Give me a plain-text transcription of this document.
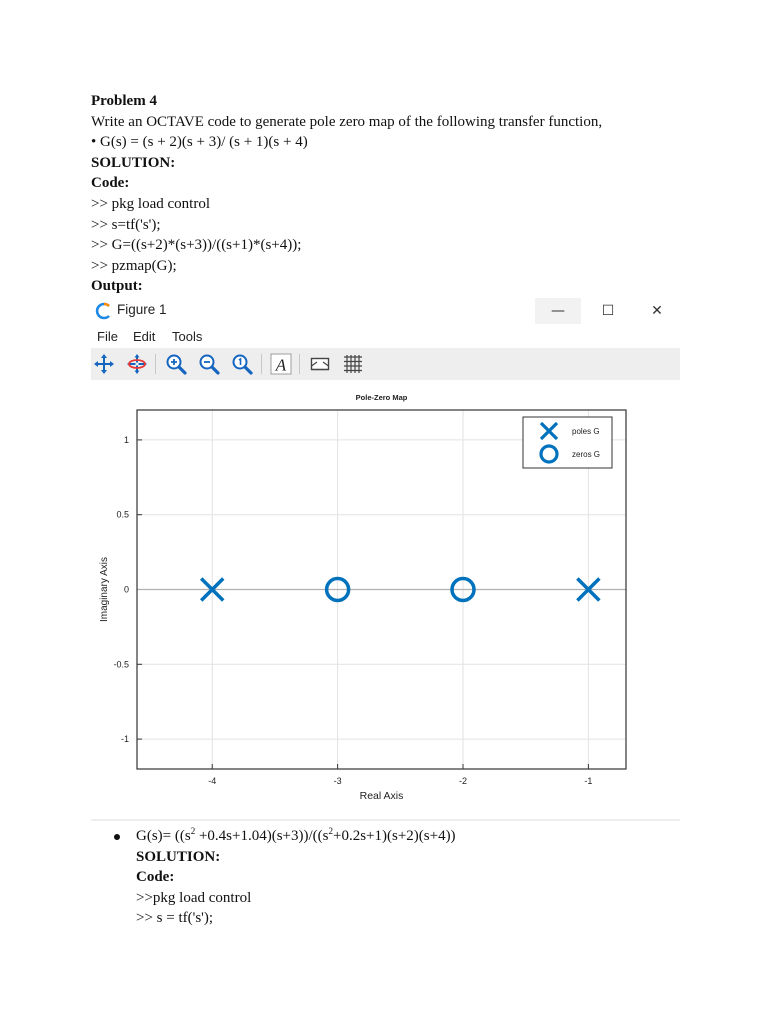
Problem 4
Write an OCTAVE code to generate pole zero map of the following transfer function,
• G(s) = (s + 2)(s + 3)/ (s + 1)(s + 4)
SOLUTION:
Code:
>> pkg load control
>> s=tf('s');
>> G=((s+2)*(s+3))/((s+1)*(s+4));
>> pzmap(G);
Output:
Figure 1	—	☐	✕
File Edit Tools
A
-4	-3	-2	-1
-1
-0.5
0
0.5
1
Pole-Zero Map
Real Axis
Imaginary Axis
poles G
zeros G
$G(s)= ((s^2 +0.4s+1.04)(s+3))/((s^2+0.2s+1)(s+2)(s+4))$
SOLUTION:
Code:
>>pkg load control
>> s = tf('s');
